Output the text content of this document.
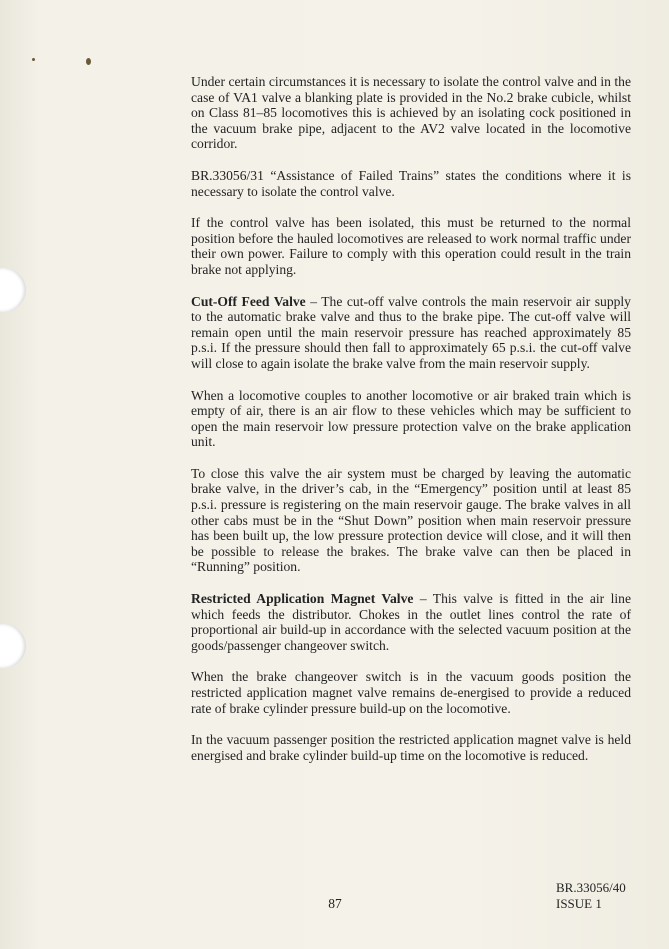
Under certain circumstances it is necessary to isolate the control valve and in the case of VA1 valve a blanking plate is provided in the No.2 brake cubicle, whilst on Class 81–85 locomotives this is achieved by an isolating cock positioned in the vacuum brake pipe, adjacent to the AV2 valve located in the locomotive corridor.

BR.33056/31 “Assistance of Failed Trains” states the conditions where it is necessary to isolate the control valve.

If the control valve has been isolated, this must be returned to the normal position before the hauled locomotives are released to work normal traffic under their own power. Failure to comply with this operation could result in the train brake not applying.

Cut-Off Feed Valve – The cut-off valve controls the main reservoir air supply to the automatic brake valve and thus to the brake pipe. The cut-off valve will remain open until the main reservoir pressure has reached approximately 85 p.s.i. If the pressure should then fall to approximately 65 p.s.i. the cut-off valve will close to again isolate the brake valve from the main reservoir supply.

When a locomotive couples to another locomotive or air braked train which is empty of air, there is an air flow to these vehicles which may be sufficient to open the main reservoir low pressure protection valve on the brake application unit.

To close this valve the air system must be charged by leaving the automatic brake valve, in the driver’s cab, in the “Emergency” position until at least 85 p.s.i. pressure is registering on the main reservoir gauge. The brake valves in all other cabs must be in the “Shut Down” position when main reservoir pressure has been built up, the low pressure protection device will close, and it will then be possible to release the brakes. The brake valve can then be placed in “Running” position.

Restricted Application Magnet Valve – This valve is fitted in the air line which feeds the distributor. Chokes in the outlet lines control the rate of proportional air build-up in accordance with the selected vacuum position at the goods/passenger changeover switch.

When the brake changeover switch is in the vacuum goods position the restricted application magnet valve remains de-energised to provide a reduced rate of brake cylinder pressure build-up on the locomotive.

In the vacuum passenger position the restricted application magnet valve is held energised and brake cylinder build-up time on the locomotive is reduced.

87
BR.33056/40
ISSUE 1
